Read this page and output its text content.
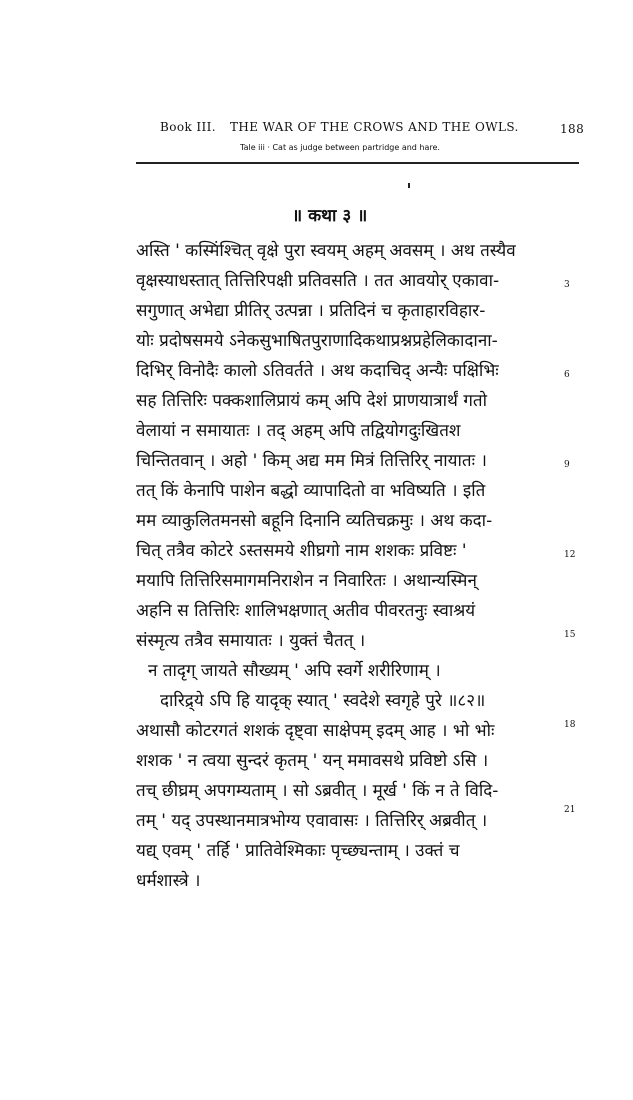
Book III. THE WAR OF THE CROWS AND THE OWLS.	188
Tale iii · Cat as judge between partridge and hare.
॥ कथा ३ ॥
अस्ति ' कस्मिंश्चित् वृक्षे पुरा स्वयम् अहम् अवसम् । अथ तस्यैव
वृक्षस्याधस्तात् तित्तिरिपक्षी प्रतिवसति । तत आवयोर् एकावा-
सगुणात् अभेद्या प्रीतिर् उत्पन्ना । प्रतिदिनं च कृताहारविहार-
योः प्रदोषसमये ऽनेकसुभाषितपुराणादिकथाप्रश्नप्रहेलिकादाना-
दिभिर् विनोदैः कालो ऽतिवर्तते । अथ कदाचिद् अन्यैः पक्षिभिः
सह तित्तिरिः पक्कशालिप्रायं कम् अपि देशं प्राणयात्रार्थं गतो
वेलायां न समायातः । तद् अहम् अपि तद्वियोगदुःखितश
चिन्तितवान् । अहो ' किम् अद्य मम मित्रं तित्तिरिर् नायातः ।
तत् किं केनापि पाशेन बद्धो व्यापादितो वा भविष्यति । इति
मम व्याकुलितमनसो बहूनि दिनानि व्यतिचक्रमुः । अथ कदा-
चित् तत्रैव कोटरे ऽस्तसमये शीघ्रगो नाम शशकः प्रविष्टः '
मयापि तित्तिरिसमागमनिराशेन न निवारितः । अथान्यस्मिन्
अहनि स तित्तिरिः शालिभक्षणात् अतीव पीवरतनुः स्वाश्रयं
संस्मृत्य तत्रैव समायातः । युक्तं चैतत् ।
न तादृग् जायते सौख्यम् ' अपि स्वर्गे शरीरिणाम् ।
दारिद्र्ये ऽपि हि यादृक् स्यात् ' स्वदेशे स्वगृहे पुरे ॥८२॥
अथासौ कोटरगतं शशकं दृष्ट्वा साक्षेपम् इदम् आह । भो भोः
शशक ' न त्वया सुन्दरं कृतम् ' यन् ममावसथे प्रविष्टो ऽसि ।
तच् छीघ्रम् अपगम्यताम् । सो ऽब्रवीत् । मूर्ख ' किं न ते विदि-
तम् ' यद् उपस्थानमात्रभोग्य एवावासः । तित्तिरिर् अब्रवीत् ।
यद्य् एवम् ' तर्हि ' प्रातिवेश्मिकाः पृच्छ्यन्ताम् । उक्तं च
धर्मशास्त्रे ।
3
6
9
12
15
18
21
